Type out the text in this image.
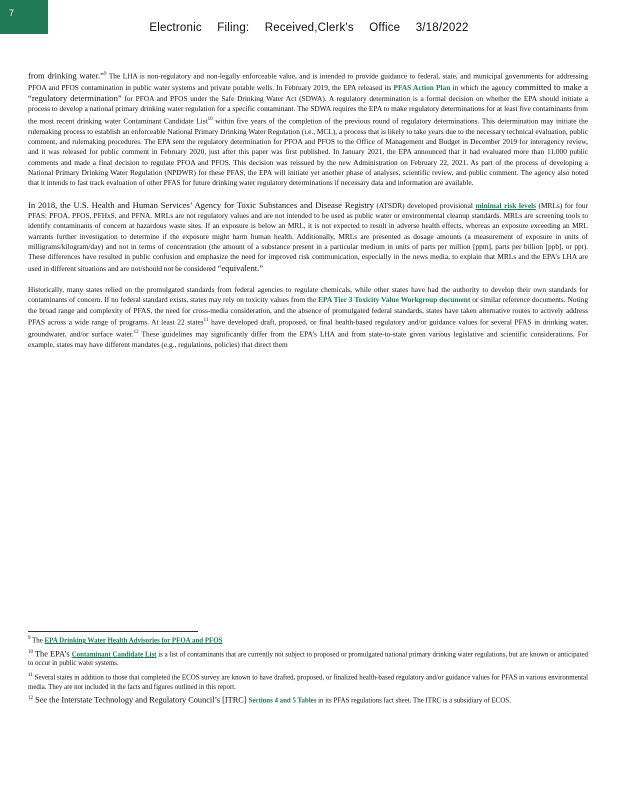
7
Electronic Filing: Received,Clerk's Office 3/18/2022

from drinking water.”$^9$ The LHA is non-regulatory and non-legally enforceable value, and is intended to provide guidance to federal, state, and municipal governments for addressing PFOA and PFOS contamination in public water systems and private potable wells. In February 2019, the EPA released its PFAS Action Plan in which the agency committed to make a “regulatory determination” for PFOA and PFOS under the Safe Drinking Water Act (SDWA). A regulatory determination is a formal decision on whether the EPA should initiate a process to develop a national primary drinking water regulation for a specific contaminant. The SDWA requires the EPA to make regulatory determinations for at least five contaminants from the most recent drinking water Contaminant Candidate List$^{10}$ within five years of the completion of the previous round of regulatory determinations. This determination may initiate the rulemaking process to establish an enforceable National Primary Drinking Water Regulation (i.e., MCL), a process that is likely to take years due to the necessary technical evaluation, public comment, and rulemaking procedures. The EPA sent the regulatory determination for PFOA and PFOS to the Office of Management and Budget in December 2019 for interagency review, and it was released for public comment in February 2020, just after this paper was first published. In January 2021, the EPA announced that it had evaluated more than 11,000 public comments and made a final decision to regulate PFOA and PFOS. This decision was reissued by the new Administration on February 22, 2021. As part of the process of developing a National Primary Drinking Water Regulation (NPDWR) for these PFAS, the EPA will initiate yet another phase of analyses, scientific review, and public comment. The agency also noted that it intends to fast track evaluation of other PFAS for future drinking water regulatory determinations if necessary data and information are available.

In 2018, the U.S. Health and Human Services’ Agency for Toxic Substances and Disease Registry (ATSDR) developed provisional minimal risk levels (MRLs) for four PFAS: PFOA, PFOS, PFHxS, and PFNA. MRLs are not regulatory values and are not intended to be used as public water or environmental cleanup standards. MRLs are screening tools to identify contaminants of concern at hazardous waste sites. If an exposure is below an MRL, it is not expected to result in adverse health effects, whereas an exposure exceeding an MRL warrants further investigation to determine if the exposure might harm human health. Additionally, MRLs are presented as dosage amounts (a measurement of exposure in units of milligrams/kilogram/day) and not in terms of concentration (the amount of a substance present in a particular medium in units of parts per million [ppm], parts per billion [ppb], or ppt). These differences have resulted in public confusion and emphasize the need for improved risk communication, especially in the news media, to explain that MRLs and the EPA’s LHA are used in different situations and are not/should not be considered “equivalent.”

Historically, many states relied on the promulgated standards from federal agencies to regulate chemicals, while other states have had the authority to develop their own standards for contaminants of concern. If no federal standard exists, states may rely on toxicity values from the EPA Tier 3 Toxicity Value Workgroup document or similar reference documents. Noting the broad range and complexity of PFAS, the need for cross-media consideration, and the absence of promulgated federal standards, states have taken alternative routes to actively address PFAS across a wide range of programs. At least 22 states$^{11}$ have developed draft, proposed, or final health-based regulatory and/or guidance values for several PFAS in drinking water, groundwater, and/or surface water.$^{12}$ These guidelines may significantly differ from the EPA’s LHA and from state-to-state given various legislative and scientific considerations. For example, states may have different mandates (e.g., regulations, policies) that direct them

$^9$ The EPA Drinking Water Health Advisories for PFOA and PFOS

$^{10}$ The EPA’s Contaminant Candidate List is a list of contaminants that are currently not subject to proposed or promulgated national primary drinking water regulations, but are known or anticipated to occur in public water systems.

$^{11}$ Several states in addition to those that completed the ECOS survey are known to have drafted, proposed, or finalized health-based regulatory and/or guidance values for PFAS in various environmental media. They are not included in the facts and figures outlined in this report.

$^{12}$ See the Interstate Technology and Regulatory Council’s [ITRC] Sections 4 and 5 Tables in its PFAS regulations fact sheet. The ITRC is a subsidiary of ECOS.
